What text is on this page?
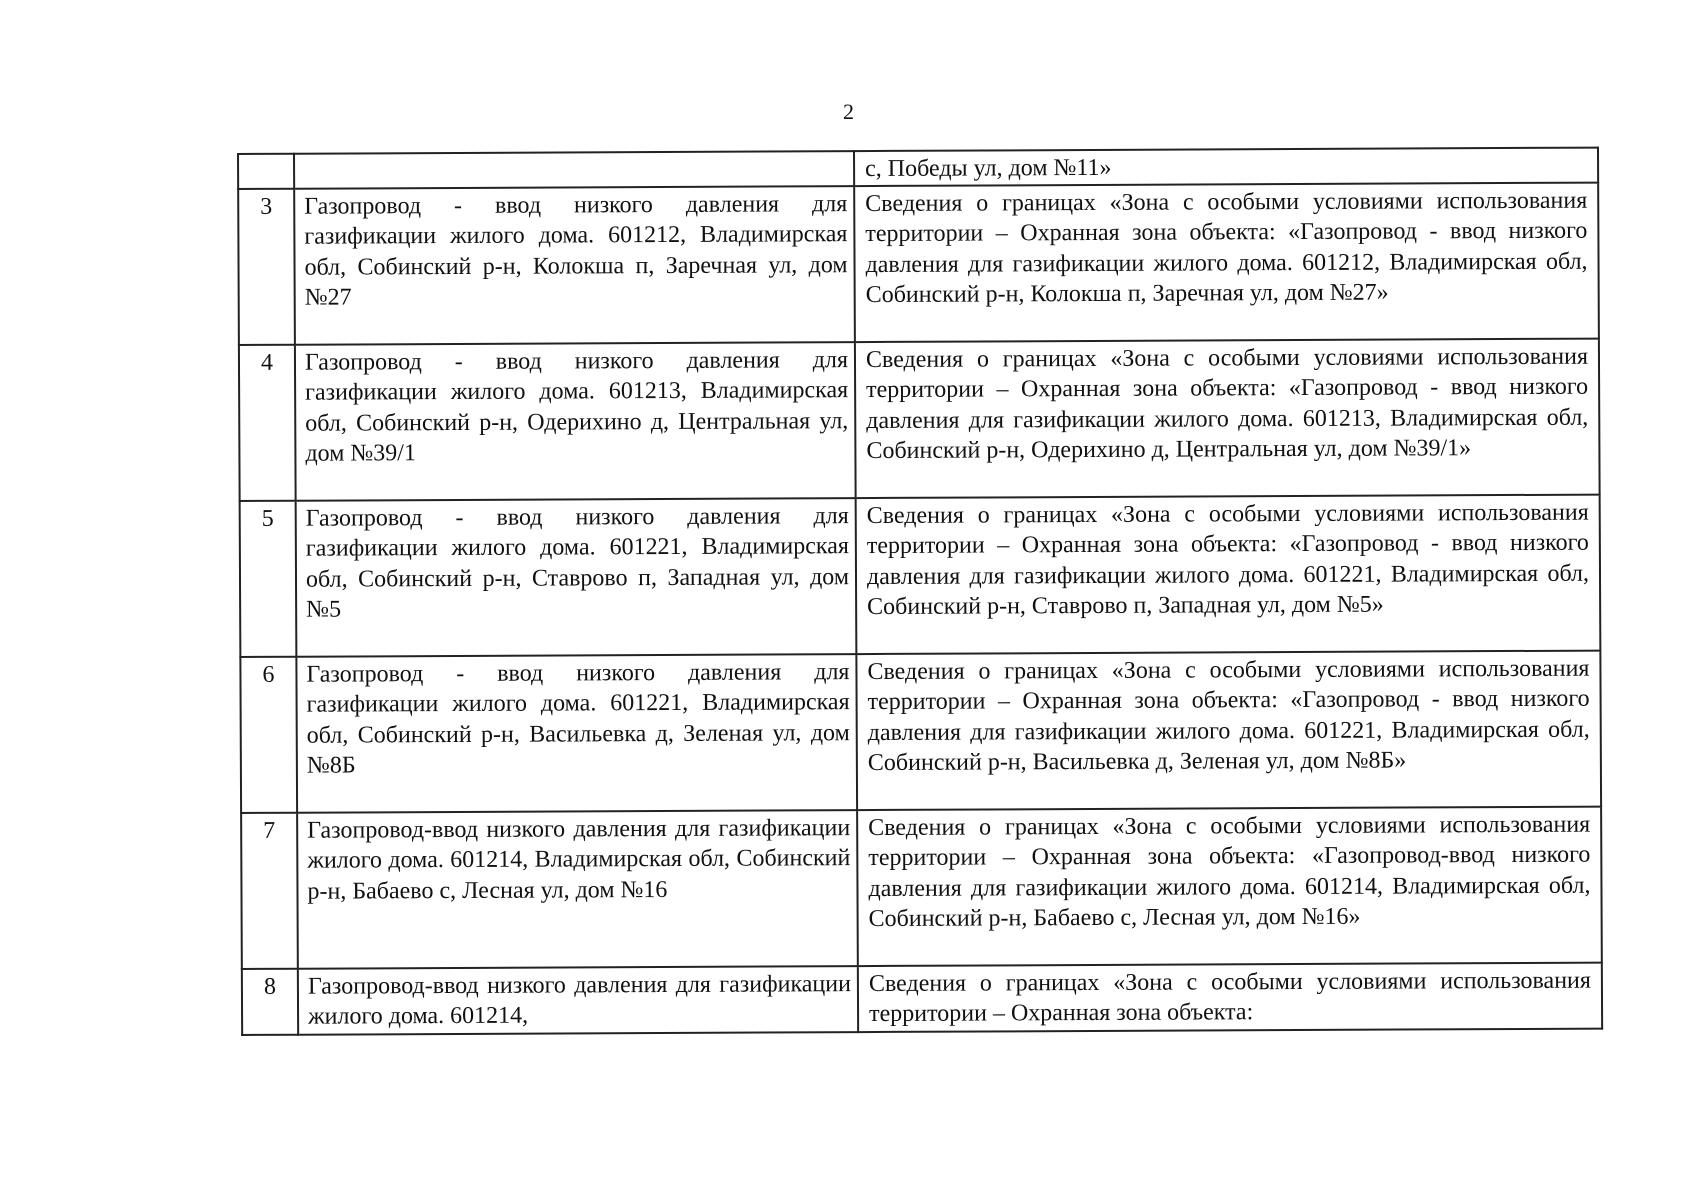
2
		с, Победы ул, дом №11»
3	Газопровод - ввод низкого давления для газификации жилого дома. 601212, Владимирская обл, Собинский р-н, Колокша п, Заречная ул, дом №27	Сведения о границах «Зона с особыми условиями использования территории – Охранная зона объекта: «Газопровод - ввод низкого давления для газификации жилого дома. 601212, Владимирская обл, Собинский р-н, Колокша п, Заречная ул, дом №27»
4	Газопровод - ввод низкого давления для газификации жилого дома. 601213, Владимирская обл, Собинский р-н, Одерихино д, Центральная ул, дом №39/1	Сведения о границах «Зона с особыми условиями использования территории – Охранная зона объекта: «Газопровод - ввод низкого давления для газификации жилого дома. 601213, Владимирская обл, Собинский р-н, Одерихино д, Центральная ул, дом №39/1»
5	Газопровод - ввод низкого давления для газификации жилого дома. 601221, Владимирская обл, Собинский р-н, Ставрово п, Западная ул, дом №5	Сведения о границах «Зона с особыми условиями использования территории – Охранная зона объекта: «Газопровод - ввод низкого давления для газификации жилого дома. 601221, Владимирская обл, Собинский р-н, Ставрово п, Западная ул, дом №5»
6	Газопровод - ввод низкого давления для газификации жилого дома. 601221, Владимирская обл, Собинский р-н, Васильевка д, Зеленая ул, дом №8Б	Сведения о границах «Зона с особыми условиями использования территории – Охранная зона объекта: «Газопровод - ввод низкого давления для газификации жилого дома. 601221, Владимирская обл, Собинский р-н, Васильевка д, Зеленая ул, дом №8Б»
7	Газопровод-ввод низкого давления для газификации жилого дома. 601214, Владимирская обл, Собинский р-н, Бабаево с, Лесная ул, дом №16	Сведения о границах «Зона с особыми условиями использования территории – Охранная зона объекта: «Газопровод-ввод низкого давления для газификации жилого дома. 601214, Владимирская обл, Собинский р-н, Бабаево с, Лесная ул, дом №16»
8	Газопровод-ввод низкого давления для газификации жилого дома. 601214,	Сведения о границах «Зона с особыми условиями использования территории – Охранная зона объекта:
